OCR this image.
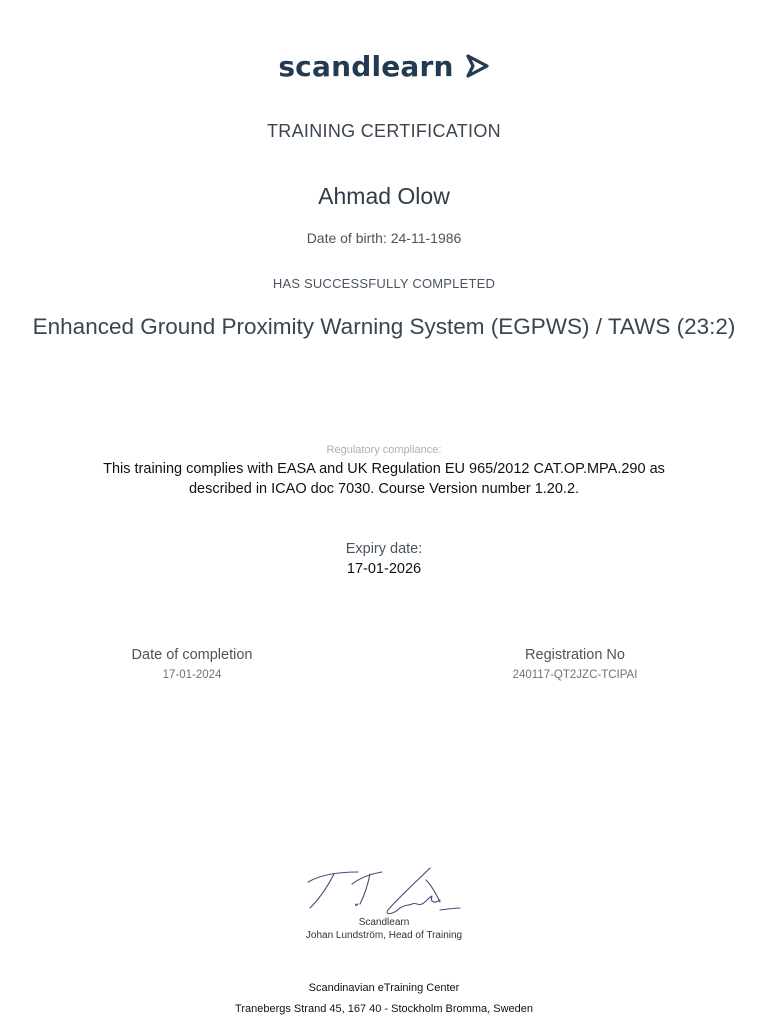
scandlearn
TRAINING CERTIFICATION
Ahmad Olow
Date of birth: 24-11-1986
HAS SUCCESSFULLY COMPLETED
Enhanced Ground Proximity Warning System (EGPWS) / TAWS (23:2)
Regulatory compliance:
This training complies with EASA and UK Regulation EU 965/2012 CAT.OP.MPA.290 as described in ICAO doc 7030. Course Version number 1.20.2.
Expiry date:
17-01-2026
Date of completion
17-01-2024
Registration No
240117-QT2JZC-TCIPAI
Scandlearn
Johan Lundström, Head of Training
Scandinavian eTraining Center
Tranebergs Strand 45, 167 40 - Stockholm Bromma, Sweden
